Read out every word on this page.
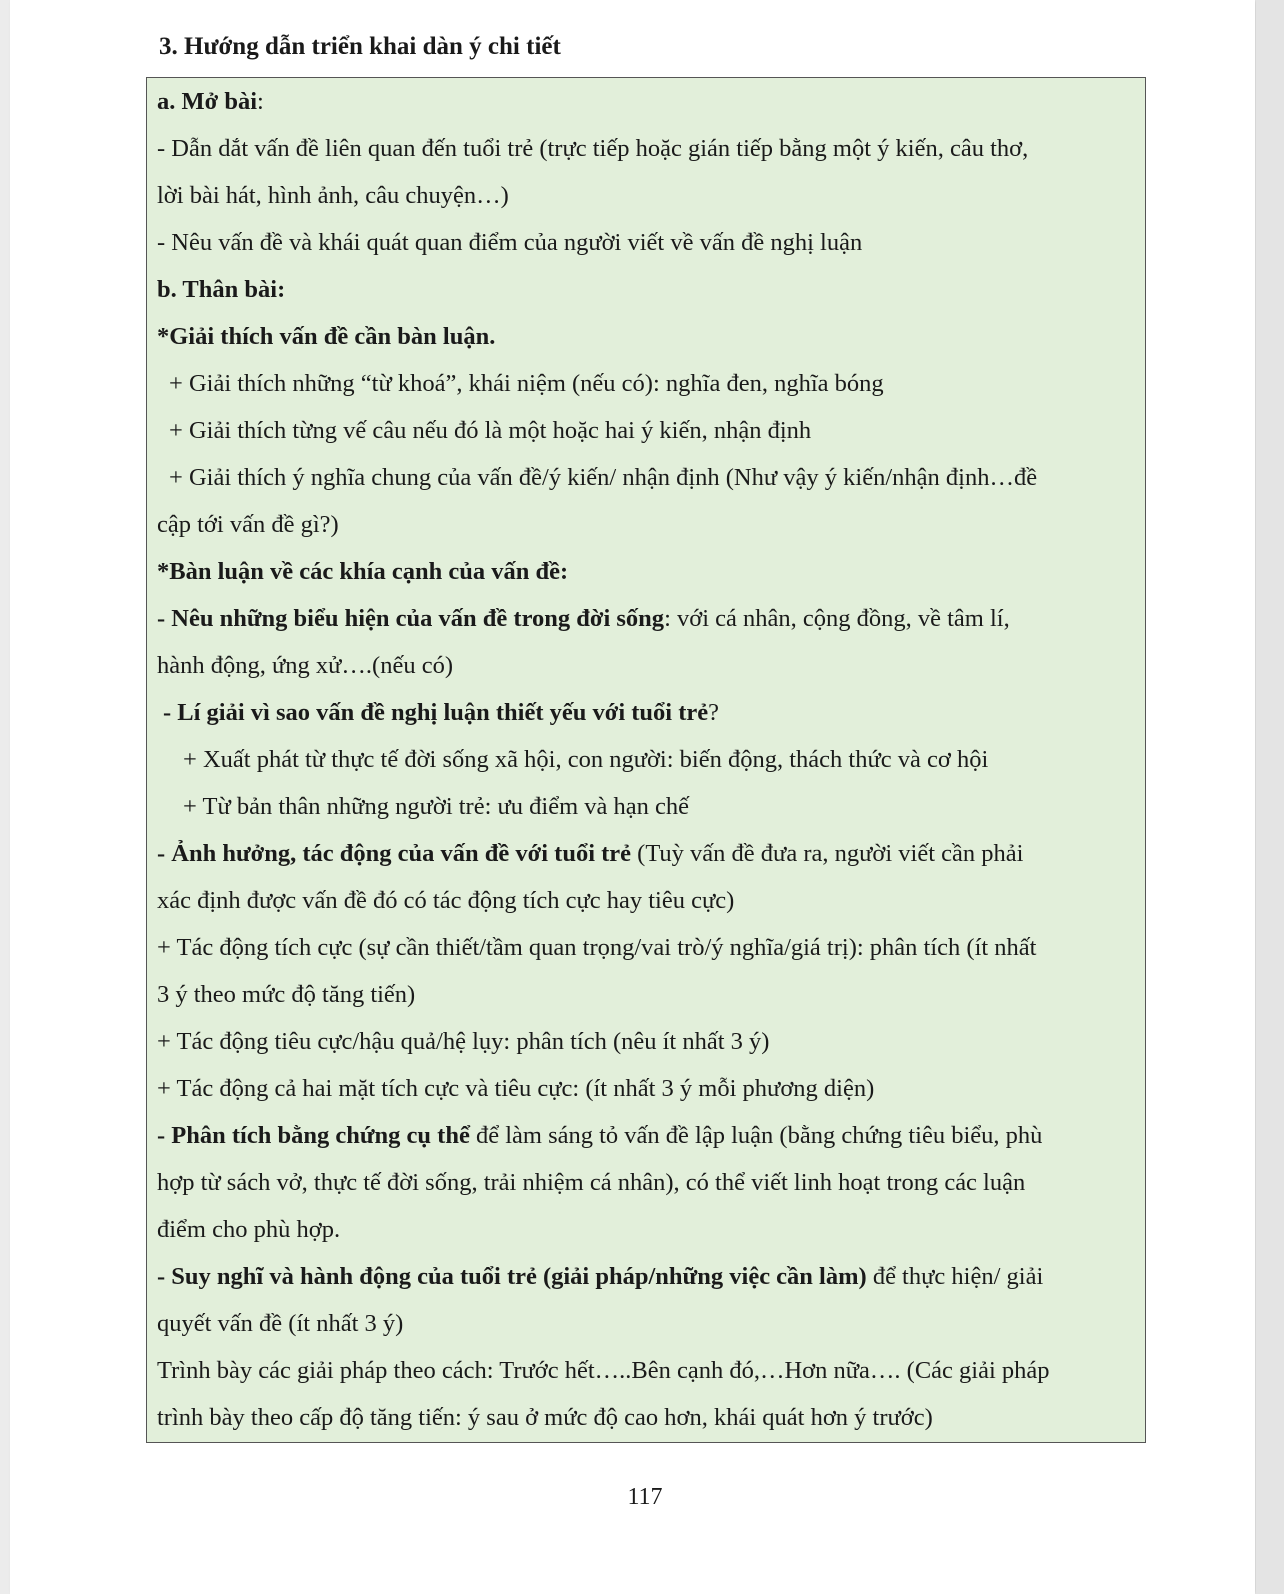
3. Hướng dẫn triển khai dàn ý chi tiết
a. Mở bài:
- Dẫn dắt vấn đề liên quan đến tuổi trẻ (trực tiếp hoặc gián tiếp bằng một ý kiến, câu thơ,
lời bài hát, hình ảnh, câu chuyện…)
- Nêu vấn đề và khái quát quan điểm của người viết về vấn đề nghị luận
b. Thân bài:
*Giải thích vấn đề cần bàn luận.
+ Giải thích những “từ khoá”, khái niệm (nếu có): nghĩa đen, nghĩa bóng
+ Giải thích từng vế câu nếu đó là một hoặc hai ý kiến, nhận định
+ Giải thích ý nghĩa chung của vấn đề/ý kiến/ nhận định (Như vậy ý kiến/nhận định…đề
cập tới vấn đề gì?)
*Bàn luận về các khía cạnh của vấn đề:
- Nêu những biểu hiện của vấn đề trong đời sống: với cá nhân, cộng đồng, về tâm lí,
hành động, ứng xử….(nếu có)
- Lí giải vì sao vấn đề nghị luận thiết yếu với tuổi trẻ?
+ Xuất phát từ thực tế đời sống xã hội, con người: biến động, thách thức và cơ hội
+ Từ bản thân những người trẻ: ưu điểm và hạn chế
- Ảnh hưởng, tác động của vấn đề với tuổi trẻ (Tuỳ vấn đề đưa ra, người viết cần phải
xác định được vấn đề đó có tác động tích cực hay tiêu cực)
+ Tác động tích cực (sự cần thiết/tầm quan trọng/vai trò/ý nghĩa/giá trị): phân tích (ít nhất
3 ý theo mức độ tăng tiến)
+ Tác động tiêu cực/hậu quả/hệ lụy: phân tích (nêu ít nhất 3 ý)
+ Tác động cả hai mặt tích cực và tiêu cực: (ít nhất 3 ý mỗi phương diện)
- Phân tích bằng chứng cụ thể để làm sáng tỏ vấn đề lập luận (bằng chứng tiêu biểu, phù
hợp từ sách vở, thực tế đời sống, trải nhiệm cá nhân), có thể viết linh hoạt trong các luận
điểm cho phù hợp.
- Suy nghĩ và hành động của tuổi trẻ (giải pháp/những việc cần làm) để thực hiện/ giải
quyết vấn đề (ít nhất 3 ý)
Trình bày các giải pháp theo cách: Trước hết…..Bên cạnh đó,…Hơn nữa…. (Các giải pháp
trình bày theo cấp độ tăng tiến: ý sau ở mức độ cao hơn, khái quát hơn ý trước)
117
